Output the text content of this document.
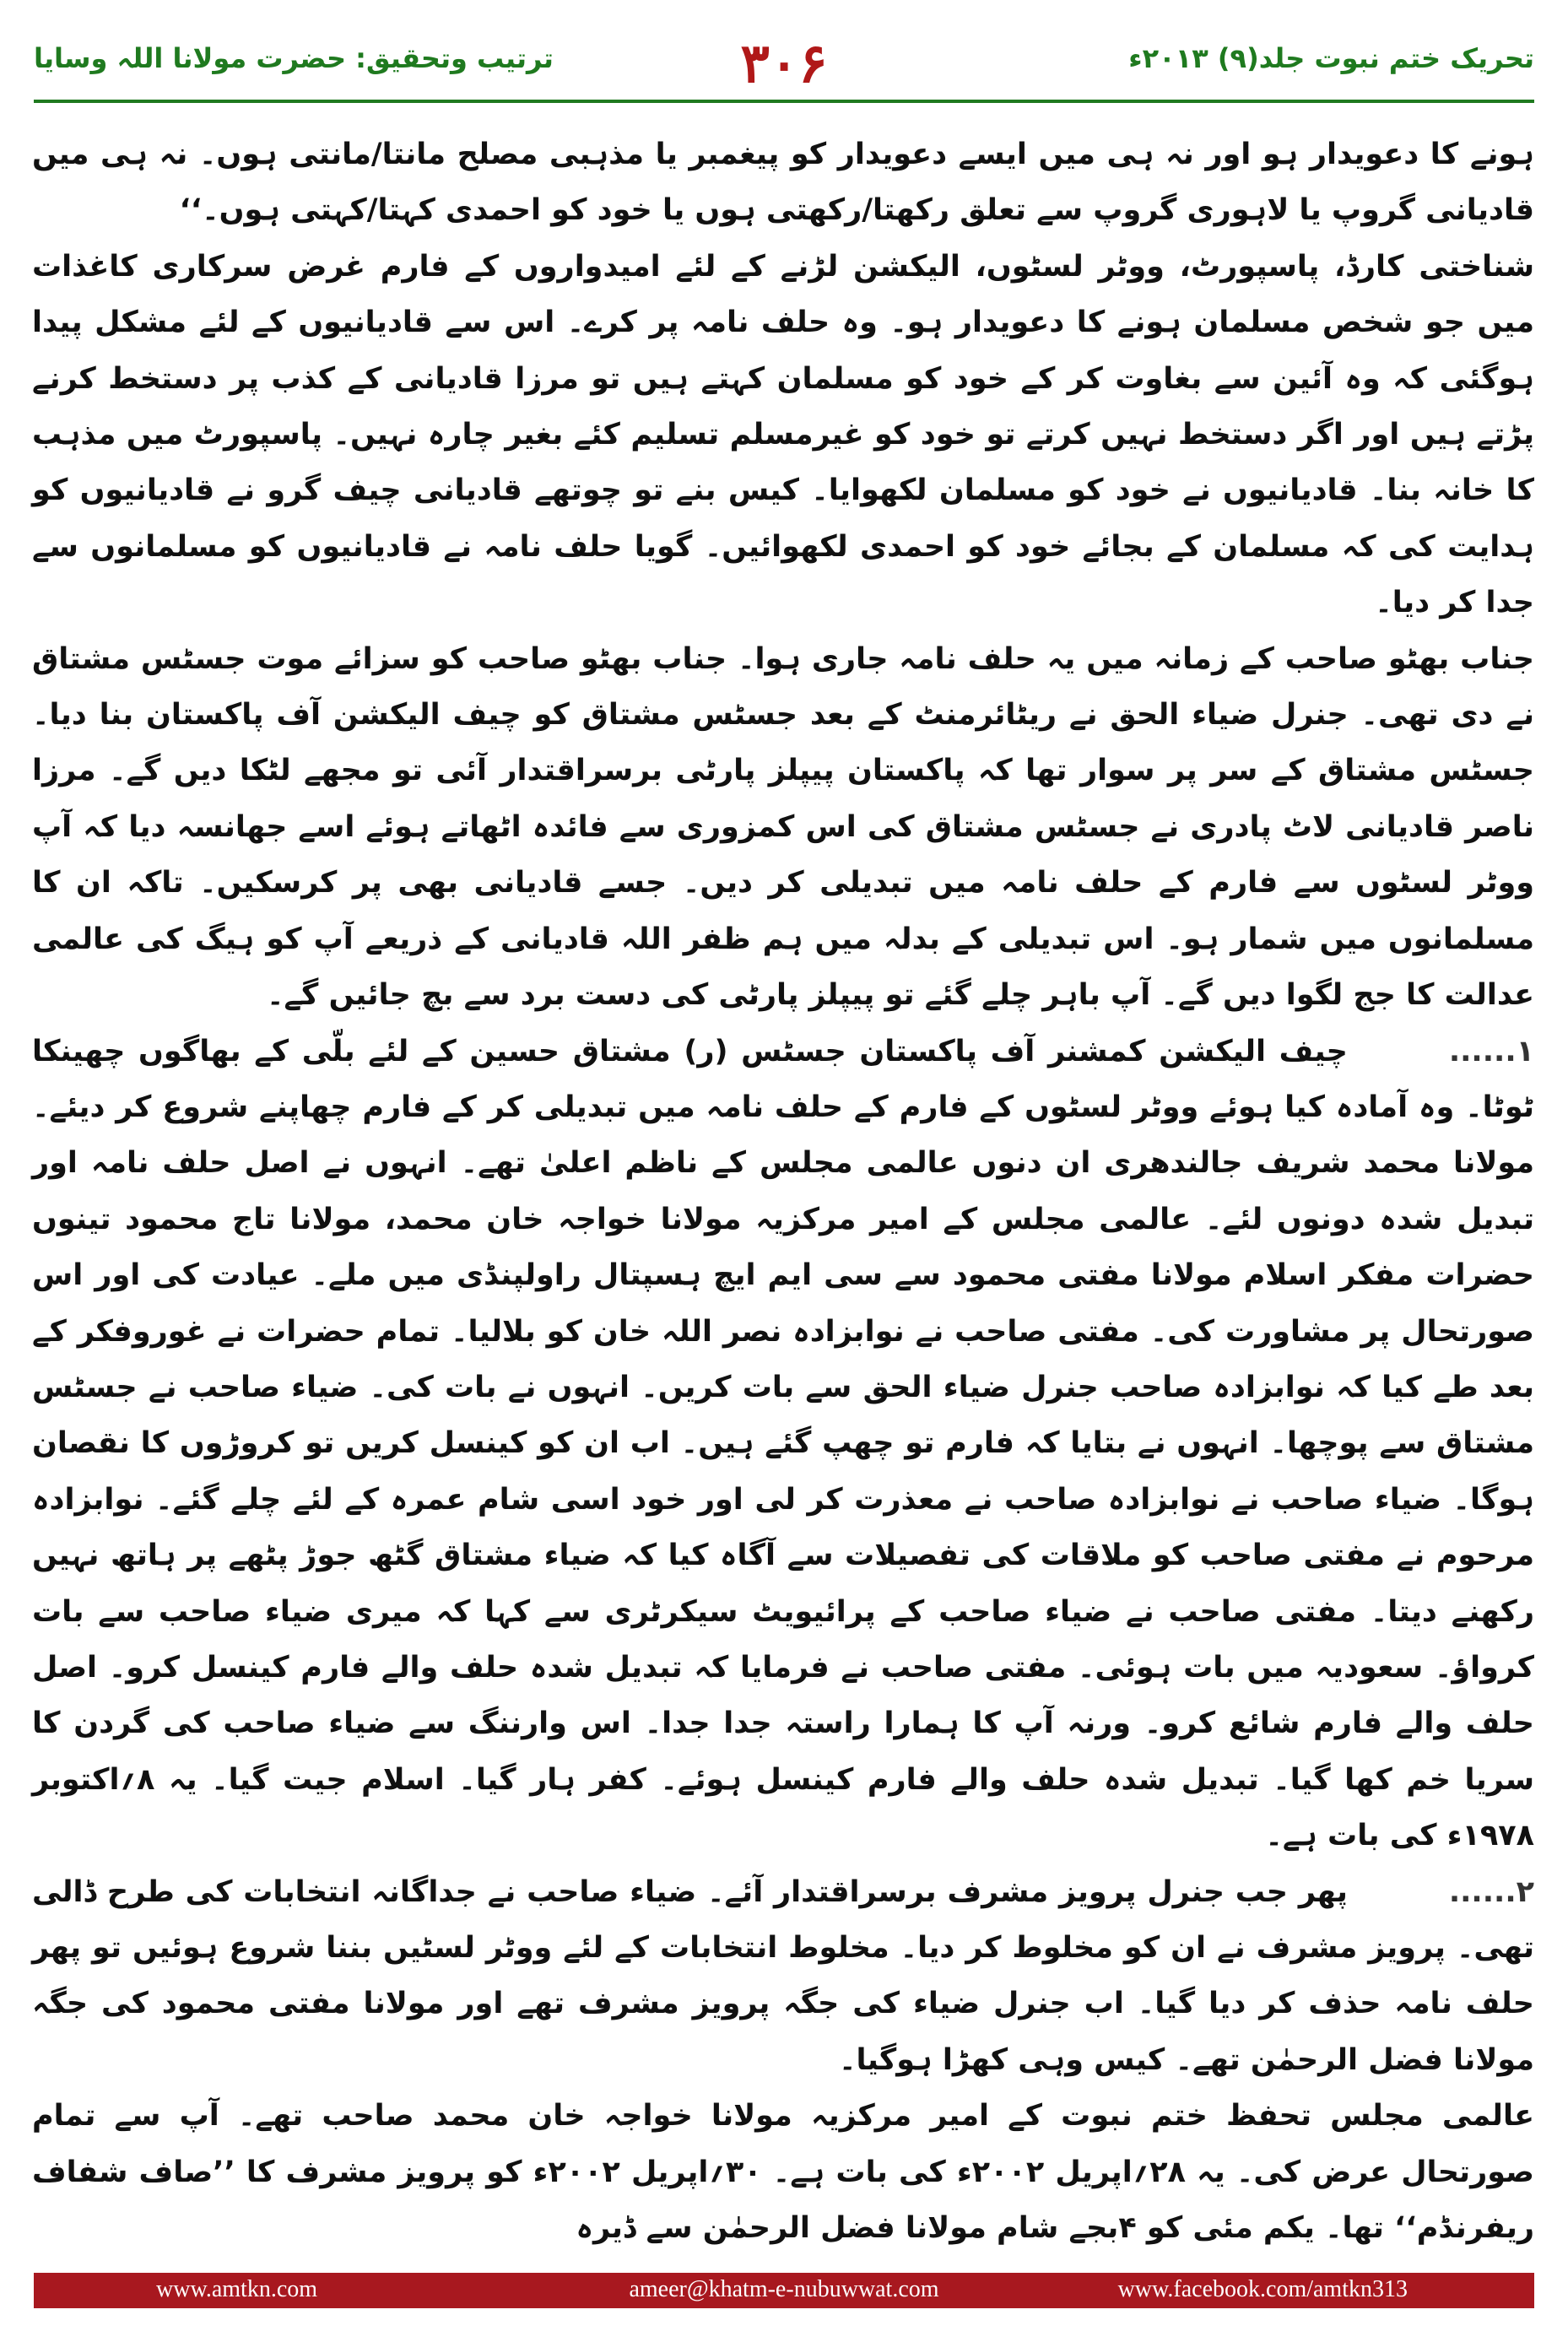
ترتیب وتحقیق: حضرت مولانا اللہ وسایا	۳۰۶	تحریک ختم نبوت جلد(۹) ۲۰۱۳ء

ہونے کا دعویدار ہو اور نہ ہی میں ایسے دعویدار کو پیغمبر یا مذہبی مصلح مانتا/مانتی ہوں۔ نہ ہی میں قادیانی گروپ یا لاہوری گروپ سے تعلق رکھتا/رکھتی ہوں یا خود کو احمدی کہتا/کہتی ہوں۔‘‘

شناختی کارڈ، پاسپورٹ، ووٹر لسٹوں، الیکشن لڑنے کے لئے امیدواروں کے فارم غرض سرکاری کاغذات میں جو شخص مسلمان ہونے کا دعویدار ہو۔ وہ حلف نامہ پر کرے۔ اس سے قادیانیوں کے لئے مشکل پیدا ہوگئی کہ وہ آئین سے بغاوت کر کے خود کو مسلمان کہتے ہیں تو مرزا قادیانی کے کذب پر دستخط کرنے پڑتے ہیں اور اگر دستخط نہیں کرتے تو خود کو غیرمسلم تسلیم کئے بغیر چارہ نہیں۔ پاسپورٹ میں مذہب کا خانہ بنا۔ قادیانیوں نے خود کو مسلمان لکھوایا۔ کیس بنے تو چوتھے قادیانی چیف گرو نے قادیانیوں کو ہدایت کی کہ مسلمان کے بجائے خود کو احمدی لکھوائیں۔ گویا حلف نامہ نے قادیانیوں کو مسلمانوں سے جدا کر دیا۔

جناب بھٹو صاحب کے زمانہ میں یہ حلف نامہ جاری ہوا۔ جناب بھٹو صاحب کو سزائے موت جسٹس مشتاق نے دی تھی۔ جنرل ضیاء الحق نے ریٹائرمنٹ کے بعد جسٹس مشتاق کو چیف الیکشن آف پاکستان بنا دیا۔ جسٹس مشتاق کے سر پر سوار تھا کہ پاکستان پیپلز پارٹی برسراقتدار آئی تو مجھے لٹکا دیں گے۔ مرزا ناصر قادیانی لاٹ پادری نے جسٹس مشتاق کی اس کمزوری سے فائدہ اٹھاتے ہوئے اسے جھانسہ دیا کہ آپ ووٹر لسٹوں سے فارم کے حلف نامہ میں تبدیلی کر دیں۔ جسے قادیانی بھی پر کرسکیں۔ تاکہ ان کا مسلمانوں میں شمار ہو۔ اس تبدیلی کے بدلہ میں ہم ظفر اللہ قادیانی کے ذریعے آپ کو ہیگ کی عالمی عدالت کا جج لگوا دیں گے۔ آپ باہر چلے گئے تو پیپلز پارٹی کی دست برد سے بچ جائیں گے۔

۱......چیف الیکشن کمشنر آف پاکستان جسٹس (ر) مشتاق حسین کے لئے بلّی کے بھاگوں چھینکا ٹوٹا۔ وہ آمادہ کیا ہوئے ووٹر لسٹوں کے فارم کے حلف نامہ میں تبدیلی کر کے فارم چھاپنے شروع کر دیئے۔ مولانا محمد شریف جالندھری ان دنوں عالمی مجلس کے ناظم اعلیٰ تھے۔ انہوں نے اصل حلف نامہ اور تبدیل شدہ دونوں لئے۔ عالمی مجلس کے امیر مرکزیہ مولانا خواجہ خان محمد، مولانا تاج محمود تینوں حضرات مفکر اسلام مولانا مفتی محمود سے سی ایم ایچ ہسپتال راولپنڈی میں ملے۔ عیادت کی اور اس صورتحال پر مشاورت کی۔ مفتی صاحب نے نوابزادہ نصر اللہ خان کو بلالیا۔ تمام حضرات نے غوروفکر کے بعد طے کیا کہ نوابزادہ صاحب جنرل ضیاء الحق سے بات کریں۔ انہوں نے بات کی۔ ضیاء صاحب نے جسٹس مشتاق سے پوچھا۔ انہوں نے بتایا کہ فارم تو چھپ گئے ہیں۔ اب ان کو کینسل کریں تو کروڑوں کا نقصان ہوگا۔ ضیاء صاحب نے نوابزادہ صاحب نے معذرت کر لی اور خود اسی شام عمرہ کے لئے چلے گئے۔ نوابزادہ مرحوم نے مفتی صاحب کو ملاقات کی تفصیلات سے آگاہ کیا کہ ضیاء مشتاق گٹھ جوڑ پٹھے پر ہاتھ نہیں رکھنے دیتا۔ مفتی صاحب نے ضیاء صاحب کے پرائیویٹ سیکرٹری سے کہا کہ میری ضیاء صاحب سے بات کرواؤ۔ سعودیہ میں بات ہوئی۔ مفتی صاحب نے فرمایا کہ تبدیل شدہ حلف والے فارم کینسل کرو۔ اصل حلف والے فارم شائع کرو۔ ورنہ آپ کا ہمارا راستہ جدا جدا۔ اس وارننگ سے ضیاء صاحب کی گردن کا سریا خم کھا گیا۔ تبدیل شدہ حلف والے فارم کینسل ہوئے۔ کفر ہار گیا۔ اسلام جیت گیا۔ یہ ۸؍اکتوبر ۱۹۷۸ء کی بات ہے۔

۲......پھر جب جنرل پرویز مشرف برسراقتدار آئے۔ ضیاء صاحب نے جداگانہ انتخابات کی طرح ڈالی تھی۔ پرویز مشرف نے ان کو مخلوط کر دیا۔ مخلوط انتخابات کے لئے ووٹر لسٹیں بننا شروع ہوئیں تو پھر حلف نامہ حذف کر دیا گیا۔ اب جنرل ضیاء کی جگہ پرویز مشرف تھے اور مولانا مفتی محمود کی جگہ مولانا فضل الرحمٰن تھے۔ کیس وہی کھڑا ہوگیا۔

عالمی مجلس تحفظ ختم نبوت کے امیر مرکزیہ مولانا خواجہ خان محمد صاحب تھے۔ آپ سے تمام صورتحال عرض کی۔ یہ ۲۸؍اپریل ۲۰۰۲ء کی بات ہے۔ ۳۰؍اپریل ۲۰۰۲ء کو پرویز مشرف کا ’’صاف شفاف ریفرنڈم‘‘ تھا۔ یکم مئی کو ۴بجے شام مولانا فضل الرحمٰن سے ڈیرہ

www.amtkn.com	ameer@khatm-e-nubuwwat.com	www.facebook.com/amtkn313
